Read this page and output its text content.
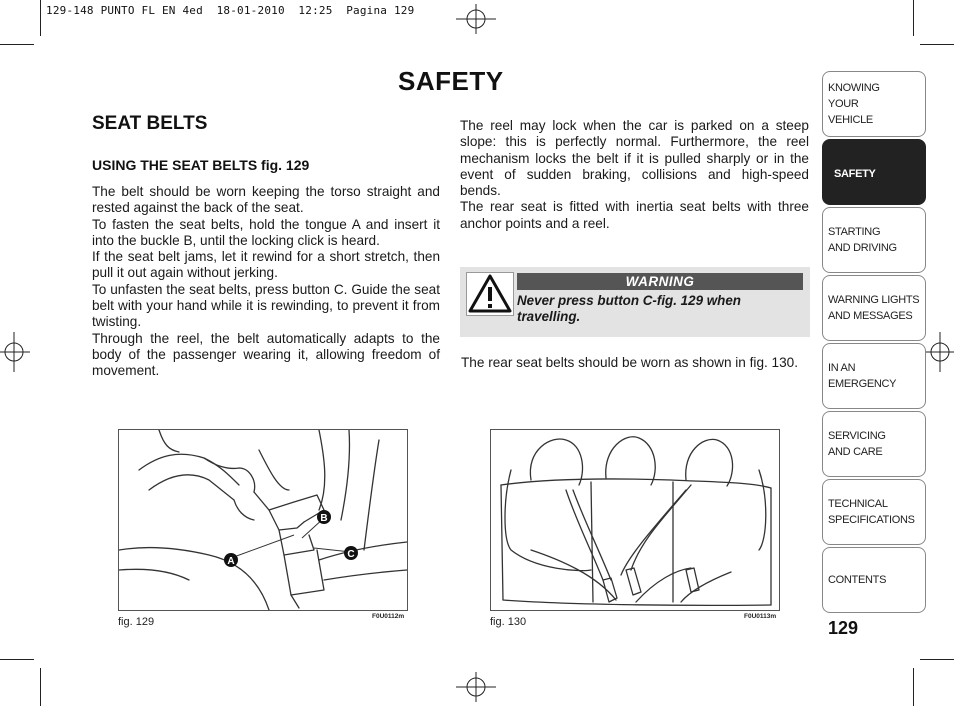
129-148 PUNTO FL EN 4ed  18-01-2010  12:25  Pagina 129
SAFETY
SEAT BELTS
USING THE SEAT BELTS fig. 129

The belt should be worn keeping the torso straight and rested against the back of the seat.

To fasten the seat belts, hold the tongue A and insert it into the buckle B, until the locking click is heard.

If the seat belt jams, let it rewind for a short stretch, then pull it out again without jerking.

To unfasten the seat belts, press button C. Guide the seat belt with your hand while it is rewinding, to prevent it from twisting.

Through the reel, the belt automatically adapts to the body of the passenger wearing it, allowing freedom of movement.

The reel may lock when the car is parked on a steep slope: this is perfectly normal. Furthermore, the reel mechanism locks the belt if it is pulled sharply or in the event of sudden braking, collisions and high-speed bends.

The rear seat is fitted with inertia seat belts with three anchor points and a reel.

WARNING
Never press button C-fig. 129 when travelling.
The rear seat belts should be worn as shown in fig. 130.
A
B
C
fig. 129	F0U0112m	fig. 130	F0U0113m
KNOWING
YOUR
VEHICLE
SAFETY
STARTING
AND DRIVING
WARNING LIGHTS
AND MESSAGES
IN AN
EMERGENCY
SERVICING
AND CARE
TECHNICAL
SPECIFICATIONS
CONTENTS
129
